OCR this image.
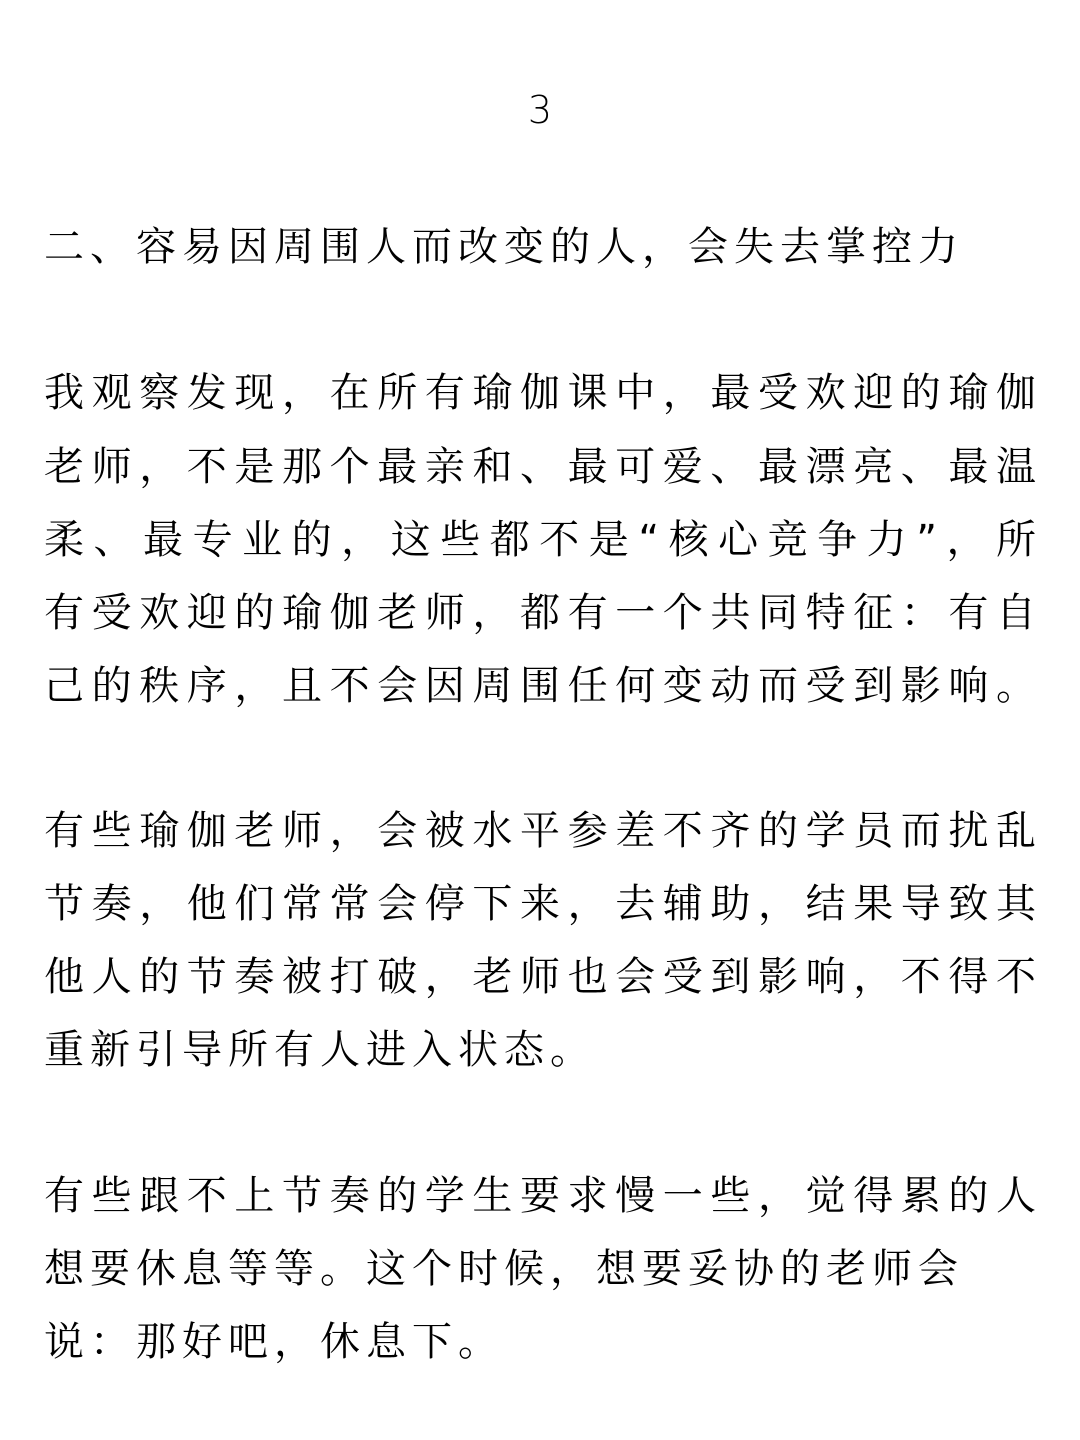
3
二、容易因周围人而改变的人，会失去掌控力
我观察发现，在所有瑜伽课中，最受欢迎的瑜伽
老师，不是那个最亲和、最可爱、最漂亮、最温
柔、最专业的，这些都不是“核心竞争力”，所
有受欢迎的瑜伽老师，都有一个共同特征：有自
己的秩序，且不会因周围任何变动而受到影响。
有些瑜伽老师，会被水平参差不齐的学员而扰乱
节奏，他们常常会停下来，去辅助，结果导致其
他人的节奏被打破，老师也会受到影响，不得不
重新引导所有人进入状态。
有些跟不上节奏的学生要求慢一些，觉得累的人
想要休息等等。这个时候，想要妥协的老师会
说：那好吧，休息下。
